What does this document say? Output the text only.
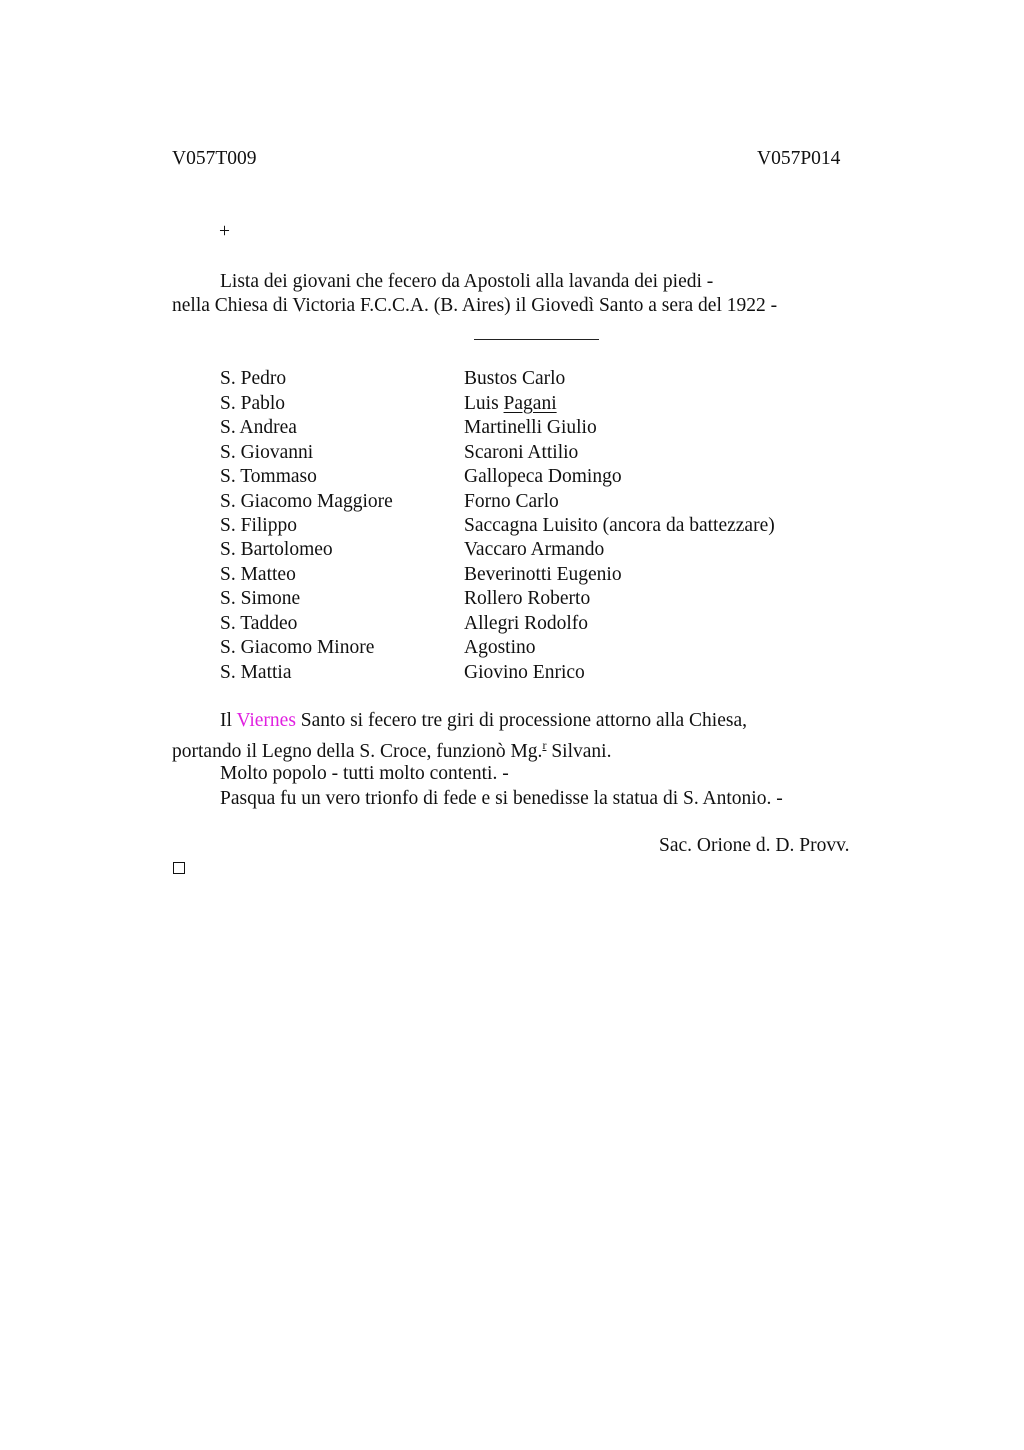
V057T009	V057P014
+
Lista dei giovani che fecero da Apostoli alla lavanda dei piedi -
nella Chiesa di Victoria F.C.C.A. (B. Aires) il Giovedì Santo a sera del 1922 -
S. Pedro	Bustos Carlo
S. Pablo	Luis Pagani
S. Andrea	Martinelli Giulio
S. Giovanni	Scaroni Attilio
S. Tommaso	Gallopeca Domingo
S. Giacomo Maggiore	Forno Carlo
S. Filippo	Saccagna Luisito (ancora da battezzare)
S. Bartolomeo	Vaccaro Armando
S. Matteo	Beverinotti Eugenio
S. Simone	Rollero Roberto
S. Taddeo	Allegri Rodolfo
S. Giacomo Minore	Agostino
S. Mattia	Giovino Enrico
Il Viernes Santo si fecero tre giri di processione attorno alla Chiesa,
portando il Legno della S. Croce, funzionò Mg.$^r$ Silvani.
Molto popolo - tutti molto contenti. -
Pasqua fu un vero trionfo di fede e si benedisse la statua di S. Antonio. -
Sac. Orione d. D. Provv.
